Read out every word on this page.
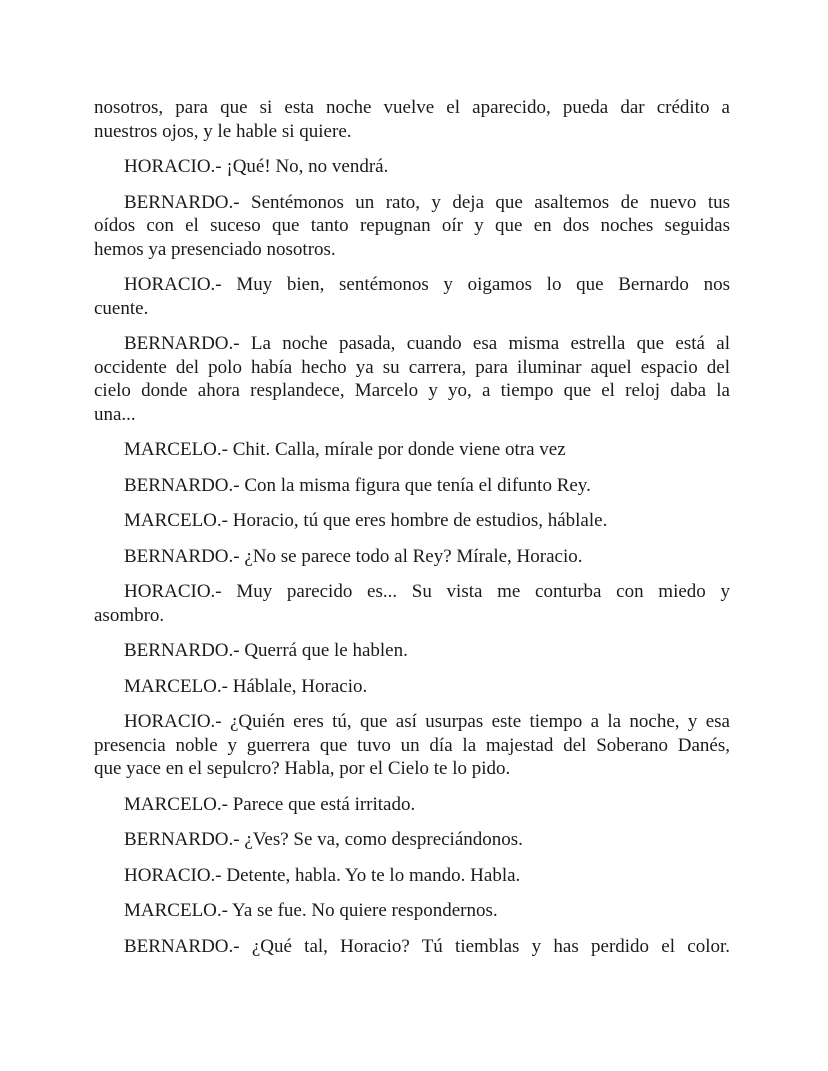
nosotros, para que si esta noche vuelve el aparecido, pueda dar crédito a
nuestros ojos, y le hable si quiere.

HORACIO.- ¡Qué! No, no vendrá.

BERNARDO.- Sentémonos un rato, y deja que asaltemos de nuevo tus
oídos con el suceso que tanto repugnan oír y que en dos noches seguidas
hemos ya presenciado nosotros.

HORACIO.- Muy bien, sentémonos y oigamos lo que Bernardo nos
cuente.

BERNARDO.- La noche pasada, cuando esa misma estrella que está al
occidente del polo había hecho ya su carrera, para iluminar aquel espacio del
cielo donde ahora resplandece, Marcelo y yo, a tiempo que el reloj daba la
una...

MARCELO.- Chit. Calla, mírale por donde viene otra vez

BERNARDO.- Con la misma figura que tenía el difunto Rey.

MARCELO.- Horacio, tú que eres hombre de estudios, háblale.

BERNARDO.- ¿No se parece todo al Rey? Mírale, Horacio.

HORACIO.- Muy parecido es... Su vista me conturba con miedo y
asombro.

BERNARDO.- Querrá que le hablen.

MARCELO.- Háblale, Horacio.

HORACIO.- ¿Quién eres tú, que así usurpas este tiempo a la noche, y esa
presencia noble y guerrera que tuvo un día la majestad del Soberano Danés,
que yace en el sepulcro? Habla, por el Cielo te lo pido.

MARCELO.- Parece que está irritado.

BERNARDO.- ¿Ves? Se va, como despreciándonos.

HORACIO.- Detente, habla. Yo te lo mando. Habla.

MARCELO.- Ya se fue. No quiere respondernos.

BERNARDO.- ¿Qué tal, Horacio? Tú tiemblas y has perdido el color.
